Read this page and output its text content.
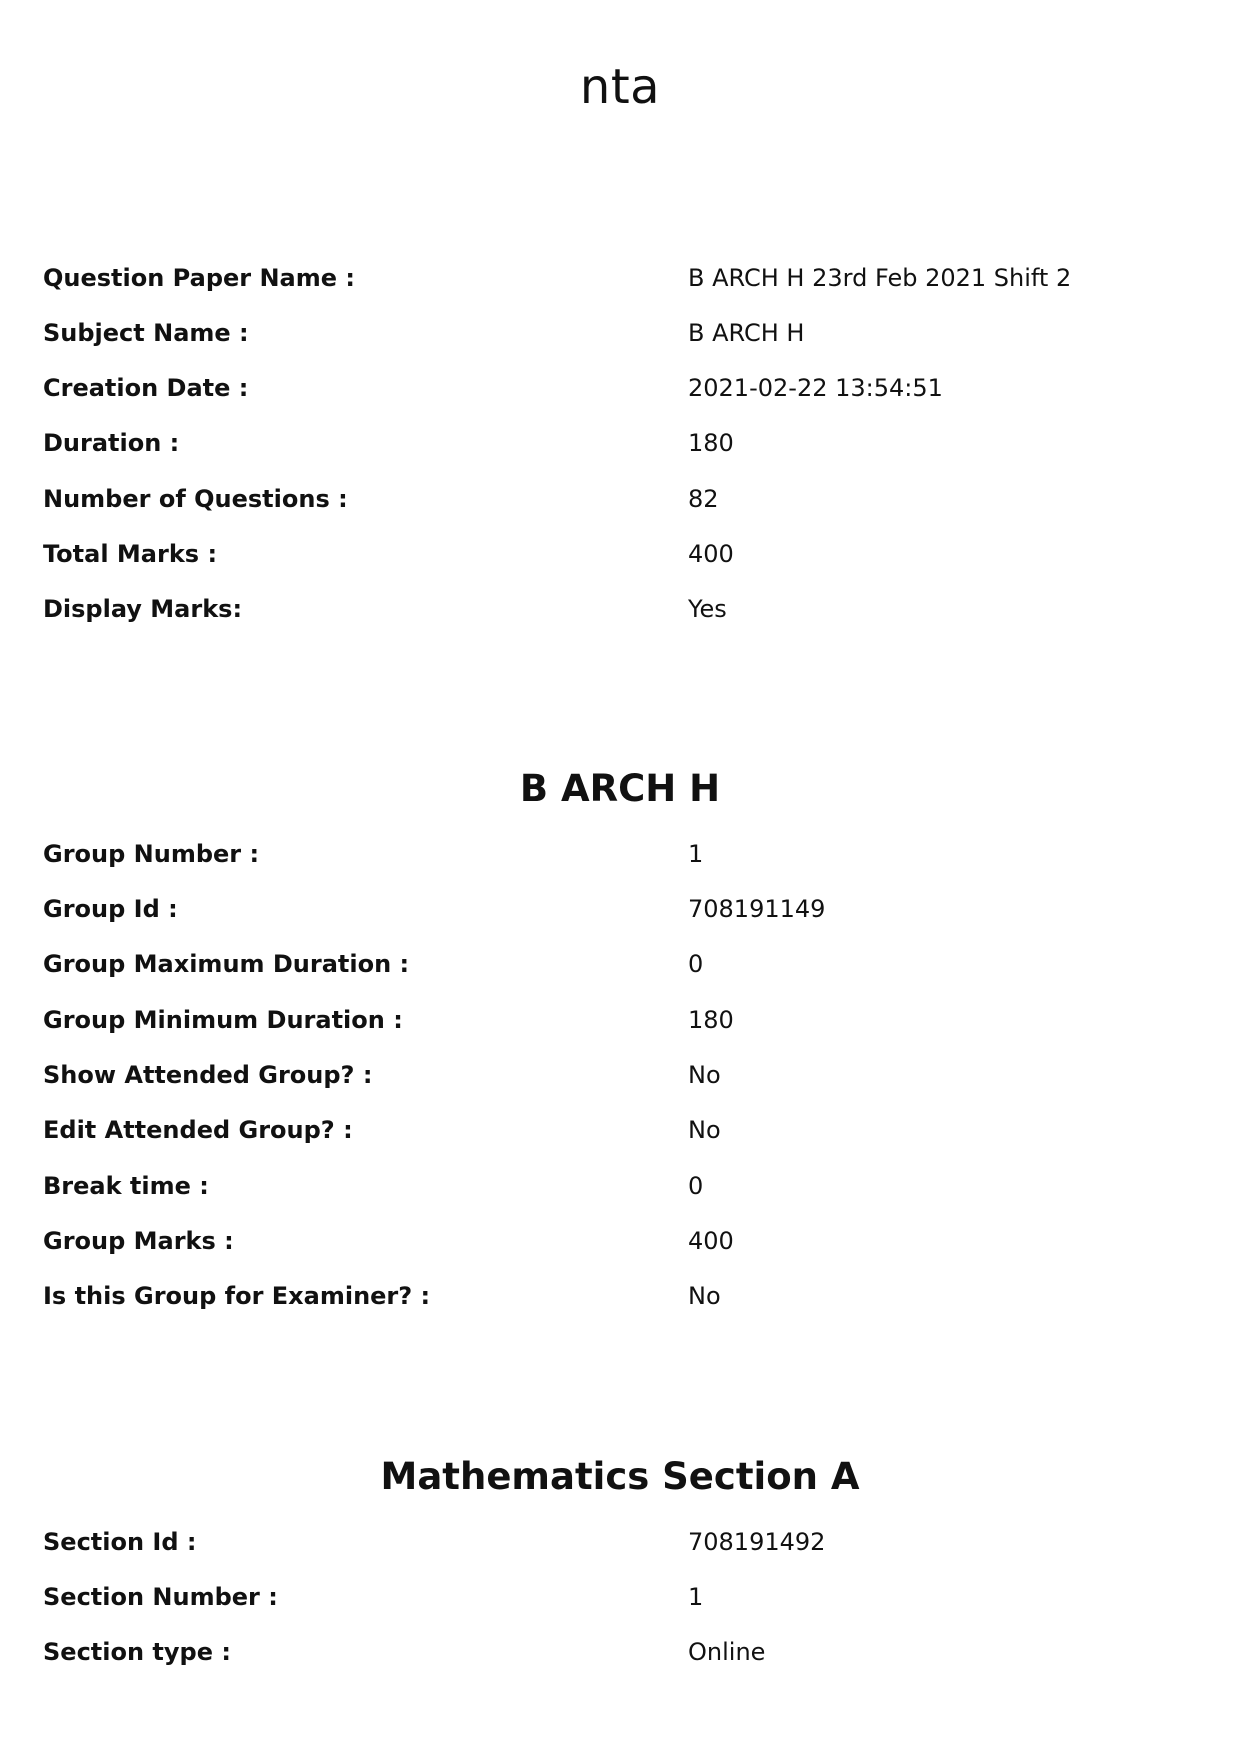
nta
Question Paper Name :	B ARCH H 23rd Feb 2021 Shift 2
Subject Name :	B ARCH H
Creation Date :	2021-02-22 13:54:51
Duration :	180
Number of Questions :	82
Total Marks :	400
Display Marks:	Yes
B ARCH H
Group Number :	1
Group Id :	708191149
Group Maximum Duration :	0
Group Minimum Duration :	180
Show Attended Group? :	No
Edit Attended Group? :	No
Break time :	0
Group Marks :	400
Is this Group for Examiner? :	No
Mathematics Section A
Section Id :	708191492
Section Number :	1
Section type :	Online
